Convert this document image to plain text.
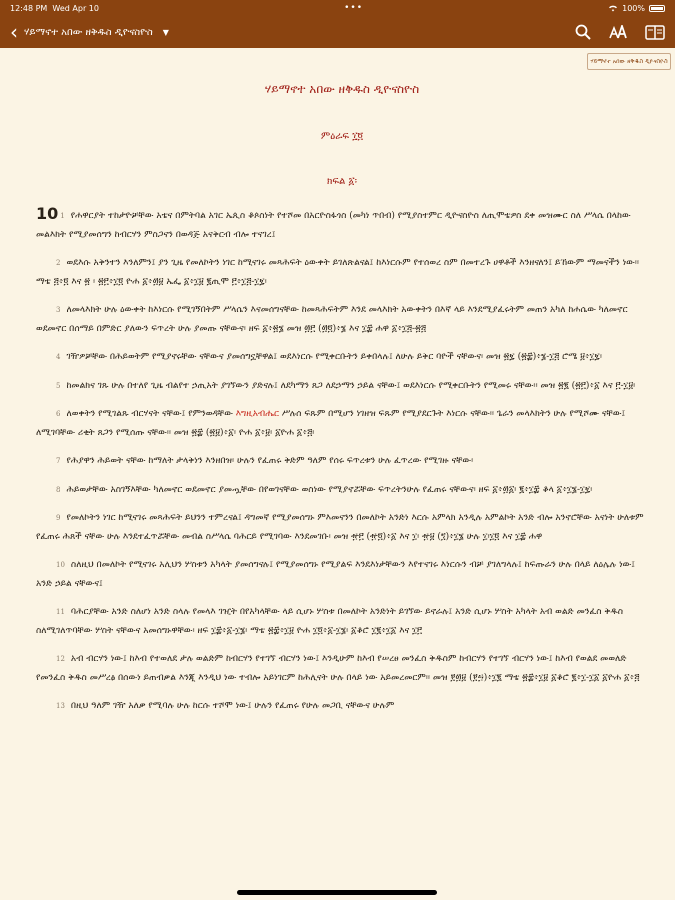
12:48 PM Wed Apr 10	•••	100%
‹ ሃይማኖተ አበው ዘቅዱስ ዲዮናስዮስ ▼
ሃይማኖተ አበው ዘቅዱስ ዲዮናስዮስ
ሃይማኖተ አበው ዘቅዱስ ዲዮናስዮስ
ምዕራፍ ፲፬
ክፍል ፩፡

10 1 የሐዋርያት ተከታዮቻቸው አቴና በምትባል አገር ኤጲስ ቆጶስነት የተሾመ በአርዮስፋጎስ (መካነ ጥበብ) የሚያስተምር ዲዮናስዮስ ለጢሞቴዎስ ደቀ መዝሙር ስለ ሥላሴ በላከው መልእክት የሚያመሰግን ከብርሃን ምስጋናን በወዳጅ አናቅርብ ብሎ ተናገረ፤

2 ወደእሱ አቅንተን እንለምን፤ ያን ጊዜ የመለኮትን ነገር ከሚናገሩ መጻሕፍት ዕውቀት ይገለጽልናል፤ ከእነርሱም የተሰወረ ስም በመተረጉ ሀዋቶች እንዘናለን፤ ይኸውም ማመናችን ነው፡፡ ማቴ ፭፥፬ እና ፳ ፡ ፳፫፥፲፬ ዮሐ ፩፥፴፱ ኤፌ ፩፥፲፱ ፪ጢሞ ፫፥፲፭-፲፯፡

3 ለመላእክት ሁሉ ዕውቀት ከእነርሱ የሚገኝበትም ሥላሴን እናመሰግናቸው ከመጻሕፍትም እንደ መላእክት አውቀትን በእኛ ላይ እንደሚያፈሩትም መጠን አካለ ከሐሴው ካለመኖር ወደመኖር በሰማይ በምድር ያለውን ፍጥረት ሁሉ ያመጡ ናቸውና፡ ዘፍ ፩፥፳፮ መዝ ፴፫ (፴፬)፥፮ እና ፲፰ ሐዋ ፩፥፲፭-፳፭

4 ገዥዎቻቸው በሕይወትም የሚያኖሩቸው ናቸውና ያመሰግኗቸዋል፤ ወደእነርሱ የሚቀርቡትን ይቀበላሉ፤ ለሁሉ ይቅር ባዮች ናቸውና፡ መዝ ፳፯ (፳፰)፥፮-፲፭ ሮሜ ፱፥፲፯፡

5 ከመልክና ገጹ ሁሉ በተለየ ጊዜ ብልየተ ኃጢአት ያገኘውን ያድናሉ፤ ለደካማን ጸጋ ለደኃማን ኃይል ናቸው፤ ወደእነርሱ የሚቀርቡትን የሚመሩ ናቸው፡፡ መዝ ፳፪ (፳፫)፥፩ እና ፫-፲፱፡

6 ለወቀትን የሚገልጹ ብርሃናት ናቸው፤ የምንወዳቸው እግዚአብሔር ሥሉሰ ፍጹም በሚሆን ነገዘዝ ፍጹም የሚያደርጉት እነርሱ ናቸው፡፡ ጌራን መላእክትን ሁሉ የሚሾሙ ናቸው፤ ለሚገባቸው ሪቂት ጸጋን የሚሰጡ ናቸው፡፡ መዝ ፳፰ (፳፱)፥፩፡ ዮሐ ፩፥፱፡ ፩ዮሐ ፩፥፭፡

7 የሕያዋን ሕይወት ናቸው ከማለት ታላቅነን እንዘበዝ፡ ሁሉን የፈጠሩ ቅድም ዓለም የሰሩ ፍጥረቱን ሁሉ ፈጥረው የሚገዙ ናቸው፡

8 ሕይወታቸው አስገኝእቸው ካለመኖር ወደመኖር ያመጧቸው በየወገናቸው ወስነው የሚያኖሯቸው ፍጥረትንሁሉ የፈጠሩ ናቸውና፡ ዘፍ ፩፥፴፩፡ ፪፥፲፰ ቆላ ፩፥፲፮-፲፯፡

9 የመለኮትን ነገር ከሚናገሩ መጻሕፍት ይህንን ተምረናል፤ ዳግመኛ የሚያመሰግኑ ምእመናንን በመለኮት አንድነ እርሱ አምላክ አንዲሉ አምልኮት አንድ ብሎ አንኖሮቸው አናነት ሁለቱም የፈጠሩ ሕጸች ናቸው ሁሉ እንደተፈጥሯቸው መብል ስሥላሴ ባሕርይ የሚገባው እንደመገቡ፡ መዝ ፹፫ (፹፬)፥፩ እና ፲፡ ፹፱ (፺)፥፲፮ ሁሉ ፲፡፲፬ እና ፲፰ ሐዋ

10 ስለዚህ በመለኮት የሚናገሩ አሊህን ሦስቱን አካላት ያመሰግናሉ፤ የሚያመሰግኑ የሚያልፍ እንደእነታቸውን እየተናገሩ እነርሱን ብቻ ያገለግላሉ፤ ከፍጡራን ሁሉ በላይ ለዕሌሉ ነው፤ አንድ ኃይል ናቸውና፤

11 ባሕርያቸው አንድ ስለሆነ አንድ ስላሉ የመላእ ገዢት በየአካላቸው ላይ ሲሆኑ ሦስቱ በመለኮት አንድነት ይገኘው ይኖራሉ፤ አንድ ሲሆኑ ሦስት አካላት አብ ወልድ መንፈስ ቅዱስ ስለሚገለጥባቸው ሦስት ናቸውና አመሰግኑዋቸው፡ ዘፍ ፲፰፥፩-፲፮፡ ማቴ ፳፰፥፲፱ ዮሐ ፲፬፥፩-፲፮፡ ፩ቆሮ ፲፪፥፲፩ እና ፲፫

12 አብ ብርሃን ነው፤ ከእብ የተወለደ ታሉ ወልድም ከብርሃን የተገኘ ብርሃን ነው፤ እንዲሁም ከእብ የሠረፀ መንፈስ ቅዱስም ከብርሃን የተገኘ ብርሃን ነው፤ ከእብ የወልደ መወለድ የመንፈስ ቅዱስ መሥረፅ በሰውነ ይጠብቃል እንጂ እንዲህ ነው ተብሎ አይነገርም ከሕሊናት ሁሉ በላይ ነው አይመረመርም፡፡ መዝ ፻፴፱ (፻፵)፥፲፪ ማቴ ፳፰፥፲፱ ፩ቆሮ ፪፥፲-፲፩ ፩ዮሐ ፩፥፭

13 በዚህ ዓለም ገዥ አለቃ የሚባሉ ሁሉ ከርሱ ተሾሞ ነው፤ ሁሉን የፈጠሩ የሁሉ መጋቢ ናቸውና ሁሉም
